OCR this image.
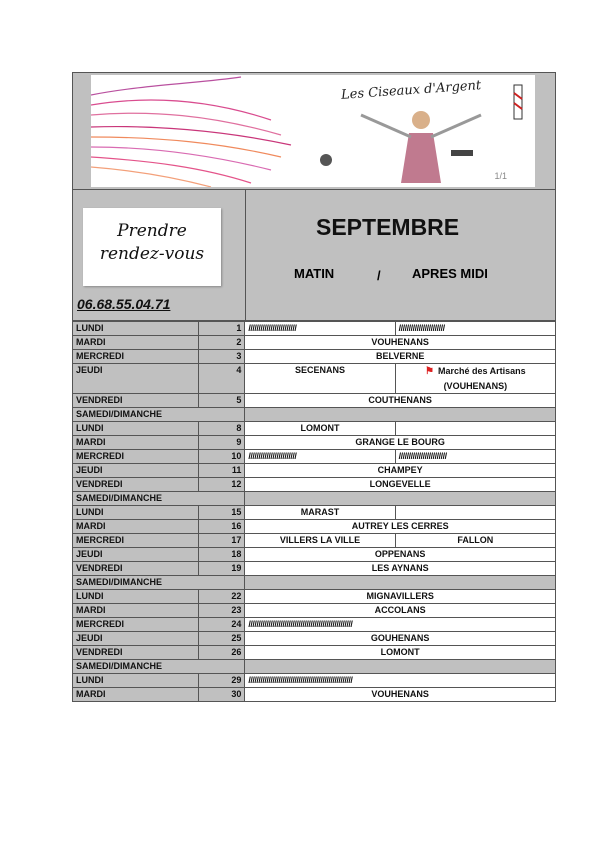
Les Ciseaux d'Argent
1/1
Prendre
rendez-vous
06.68.55.04.71
SEPTEMBRE
MATIN	/ APRES MIDI
LUNDI	1	////////////////////////	///////////////////////
MARDI	2	VOUHENANS	
MERCREDI	3	BELVERNE	
JEUDI	4	SECENANS	⚑ Marché des Artisans (VOUHENANS)
VENDREDI	5	COUTHENANS	
SAMEDI/DIMANCHE			
LUNDI	8	LOMONT	
MARDI	9	GRANGE LE BOURG	
MERCREDI	10	////////////////////////	////////////////////////
JEUDI	11	CHAMPEY	
VENDREDI	12	LONGEVELLE	
SAMEDI/DIMANCHE			
LUNDI	15	MARAST	
MARDI	16	AUTREY LES CERRES	
MERCREDI	17	VILLERS LA VILLE	FALLON
JEUDI	18	OPPENANS	
VENDREDI	19	LES AYNANS	
SAMEDI/DIMANCHE			
LUNDI	22	MIGNAVILLERS	
MARDI	23	ACCOLANS	
MERCREDI	24	////////////////////////////////////////////////////	
JEUDI	25	GOUHENANS	
VENDREDI	26	LOMONT	
SAMEDI/DIMANCHE			
LUNDI	29	////////////////////////////////////////////////////	
MARDI	30	VOUHENANS	
